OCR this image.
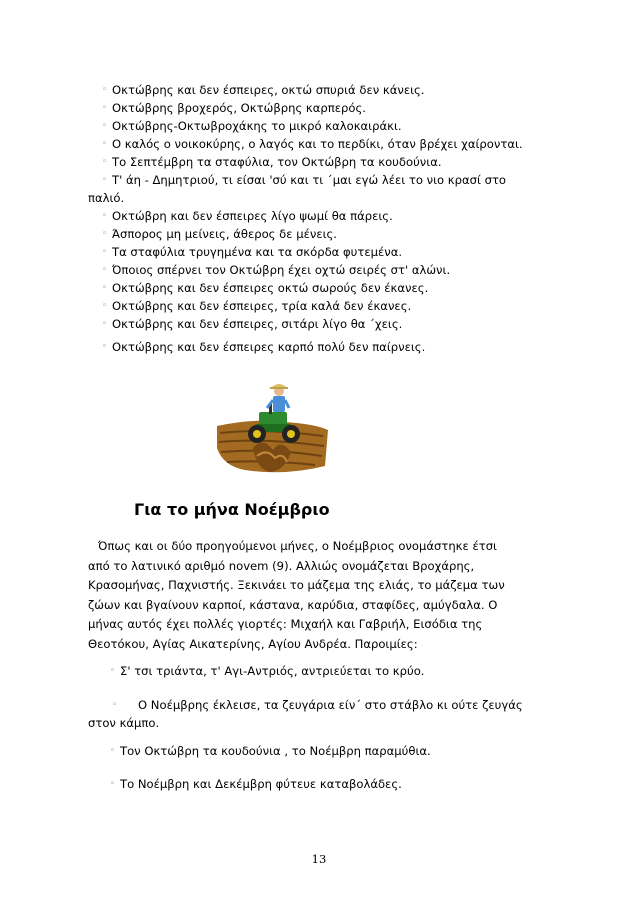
◦ Οκτώβρης και δεν έσπειρες, οκτώ σπυριά δεν κάνεις.
◦ Οκτώβρης βροχερός, Οκτώβρης καρπερός.
◦ Οκτώβρης-Οκτωβροχάκης το μικρό καλοκαιράκι.
◦ Ο καλός ο νοικοκύρης, ο λαγός και το περδίκι, όταν βρέχει χαίρονται.
◦ Το Σεπτέμβρη τα σταφύλια, τον Οκτώβρη τα κουδούνια.
◦ Τ' άη - Δημητριού, τι είσαι 'σύ και τι ΄μαι εγώ λέει το νιο κρασί στο
παλιό.
◦ Οκτώβρη και δεν έσπειρες λίγο ψωμί θα πάρεις.
◦ Άσπορος μη μείνεις, άθερος δε μένεις.
◦ Τα σταφύλια τρυγημένα και τα σκόρδα φυτεμένα.
◦ Όποιος σπέρνει τον Οκτώβρη έχει οχτώ σειρές στ' αλώνι.
◦ Οκτώβρης και δεν έσπειρες οκτώ σωρούς δεν έκανες.
◦ Οκτώβρης και δεν έσπειρες, τρία καλά δεν έκανες.
◦ Οκτώβρης και δεν έσπειρες, σιτάρι λίγο θα ΄χεις.
◦ Οκτώβρης και δεν έσπειρες καρπό πολύ δεν παίρνεις.
Για το μήνα Νοέμβριο
Όπως και οι δύο προηγούμενοι μήνες, ο Νοέμβριος ονομάστηκε έτσι
από το λατινικό αριθμό novem (9). Αλλιώς ονομάζεται Βροχάρης,
Κρασομήνας, Παχνιστής. Ξεκινάει το μάζεμα της ελιάς, το μάζεμα των
ζώων και βγαίνουν καρποί, κάστανα, καρύδια, σταφίδες, αμύγδαλα. Ο
μήνας αυτός έχει πολλές γιορτές: Μιχαήλ και Γαβριήλ, Εισόδια της
Θεοτόκου, Αγίας Αικατερίνης, Αγίου Ανδρέα. Παροιμίες:
◦ Σ' τσι τριάντα, τ' Αγι-Αντριός, αντριεύεται το κρύο.
◦ Ο Νοέμβρης έκλεισε, τα ζευγάρια είν΄ στο στάβλο κι ούτε ζευγάς
στον κάμπο.
◦ Τον Οκτώβρη τα κουδούνια , το Νοέμβρη παραμύθια.
◦ Το Νοέμβρη και Δεκέμβρη φύτευε καταβολάδες.
13
